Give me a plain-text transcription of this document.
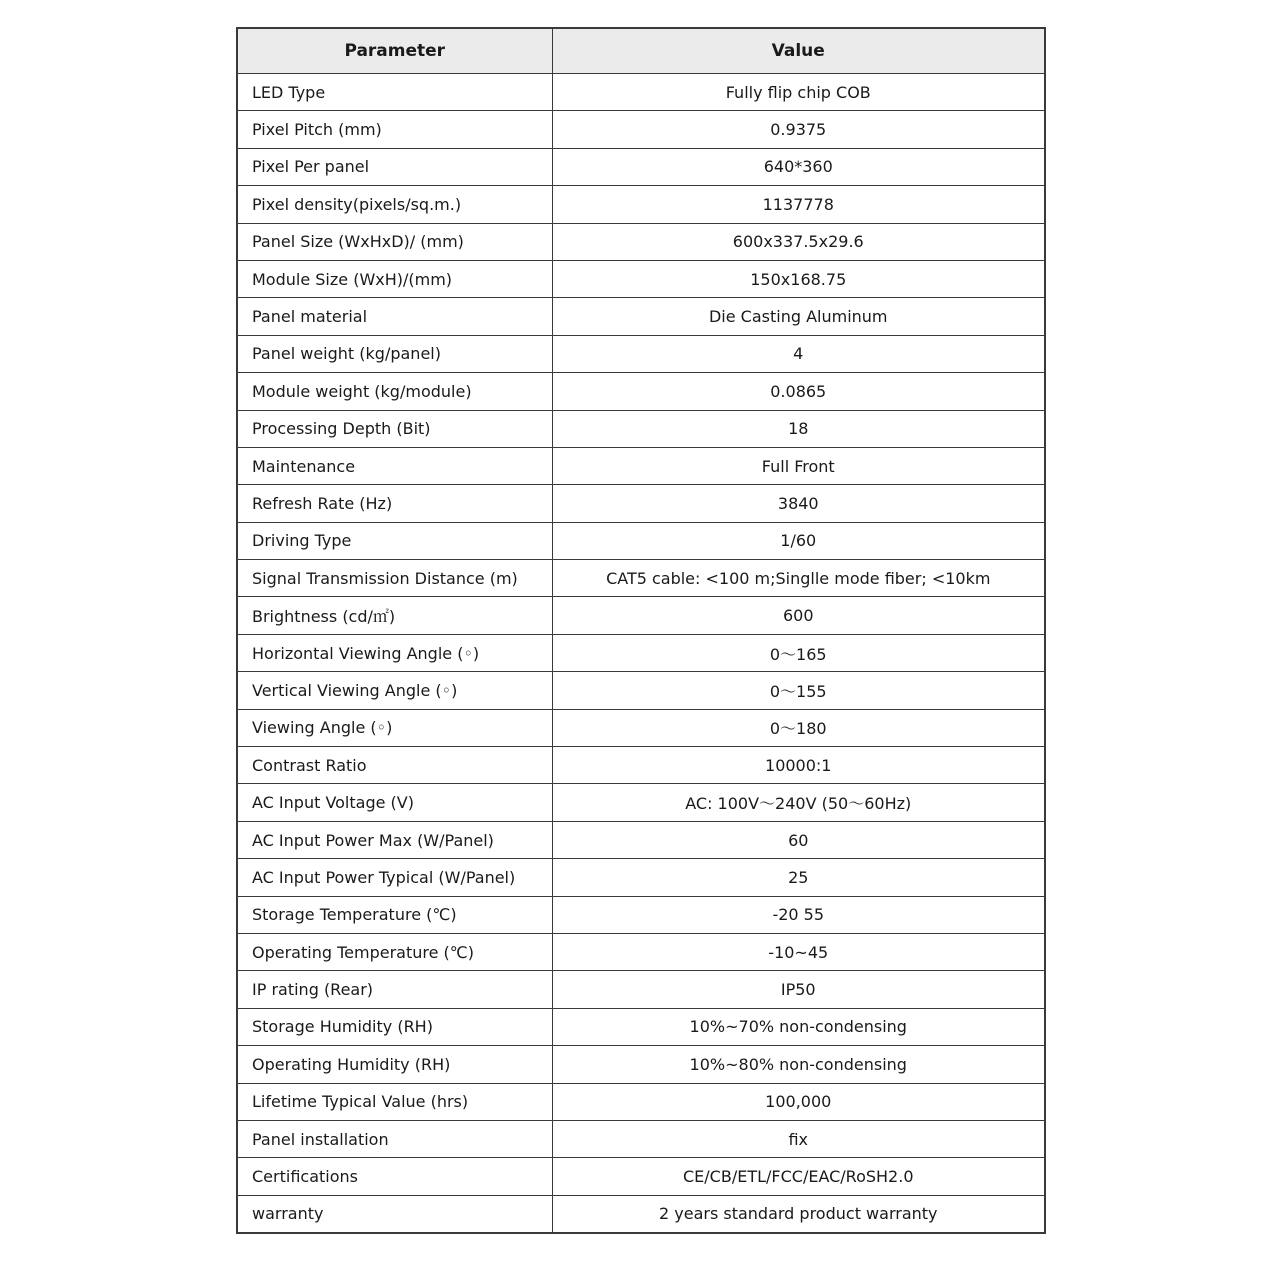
Parameter	Value
LED Type	Fully flip chip COB
Pixel Pitch (mm)	0.9375
Pixel Per panel	640*360
Pixel density(pixels/sq.m.)	1137778
Panel Size (WxHxD)/ (mm)	600x337.5x29.6
Module Size (WxH)/(mm)	150x168.75
Panel material	Die Casting Aluminum
Panel weight (kg/panel)	4
Module weight (kg/module)	0.0865
Processing Depth (Bit)	18
Maintenance	Full Front
Refresh Rate (Hz)	3840
Driving Type	1/60
Signal Transmission Distance (m)	CAT5 cable: <100 m;Singlle mode fiber; <10km
Brightness (cd/㎡)	600
Horizontal Viewing Angle (◦)	0～165
Vertical Viewing Angle (◦)	0～155
Viewing Angle (◦)	0～180
Contrast Ratio	10000:1
AC Input Voltage (V)	AC: 100V～240V (50～60Hz)
AC Input Power Max (W/Panel)	60
AC Input Power Typical (W/Panel)	25
Storage Temperature (℃)	-20 55
Operating Temperature (℃)	-10~45
IP rating (Rear)	IP50
Storage Humidity (RH)	10%~70% non-condensing
Operating Humidity (RH)	10%~80% non-condensing
Lifetime Typical Value (hrs)	100,000
Panel installation	fix
Certifications	CE/CB/ETL/FCC/EAC/RoSH2.0
warranty	2 years standard product warranty
